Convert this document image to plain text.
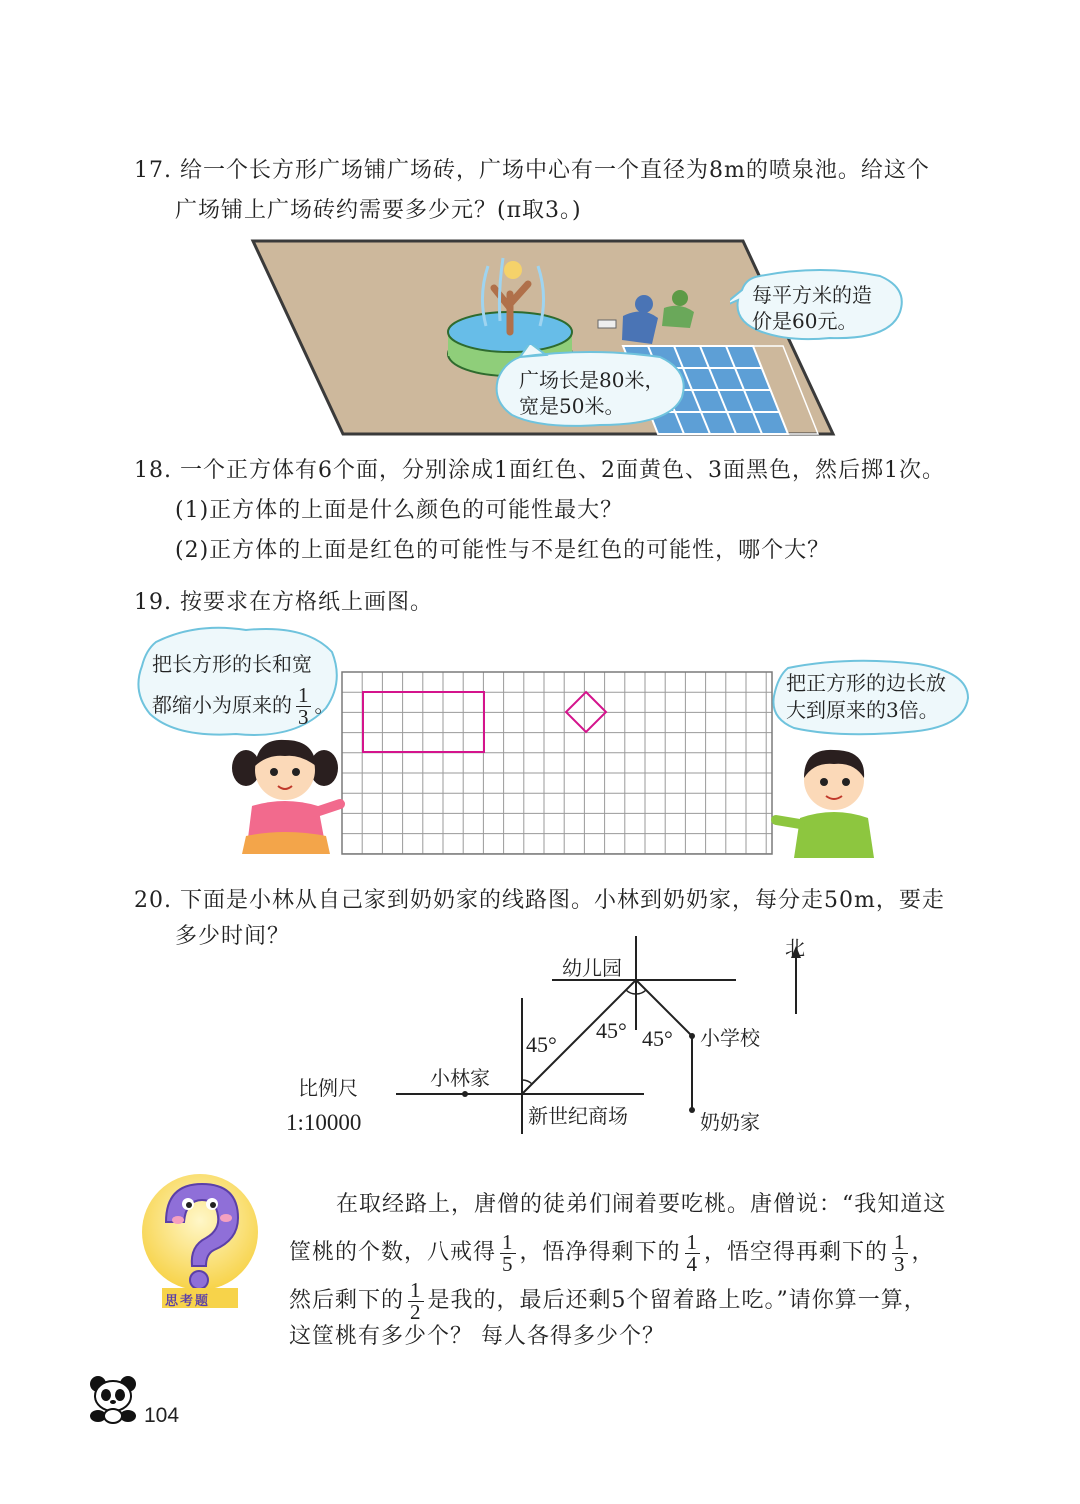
17. 给一个长方形广场铺广场砖，广场中心有一个直径为8m的喷泉池。给这个
广场铺上广场砖约需要多少元？(π取3。)
每平方米的造
价是60元。
广场长是80米，
宽是50米。
18. 一个正方体有6个面，分别涂成1面红色、2面黄色、3面黑色，然后掷1次。
(1)正方体的上面是什么颜色的可能性最大？
(2)正方体的上面是红色的可能性与不是红色的可能性，哪个大？
19. 按要求在方格纸上画图。
把长方形的长和宽
都缩小为原来的 $\frac{1}{3}$ 。
把正方形的边长放
大到原来的3倍。
20. 下面是小林从自己家到奶奶家的线路图。小林到奶奶家，每分走50m，要走
多少时间？	北
幼儿园
45°
45° 45° 小学校
小林家
新世纪商场	奶奶家
比例尺
1:10000
思考题
在取经路上，唐僧的徒弟们闹着要吃桃。唐僧说：“我知道这
筐桃的个数，八戒得 $\frac{1}{5}$ ，悟净得剩下的 $\frac{1}{4}$ ，悟空得再剩下的 $\frac{1}{3}$ ，
然后剩下的 $\frac{1}{2}$ 是我的，最后还剩5个留着路上吃。”请你算一算，
这筐桃有多少个？ 每人各得多少个？
104
